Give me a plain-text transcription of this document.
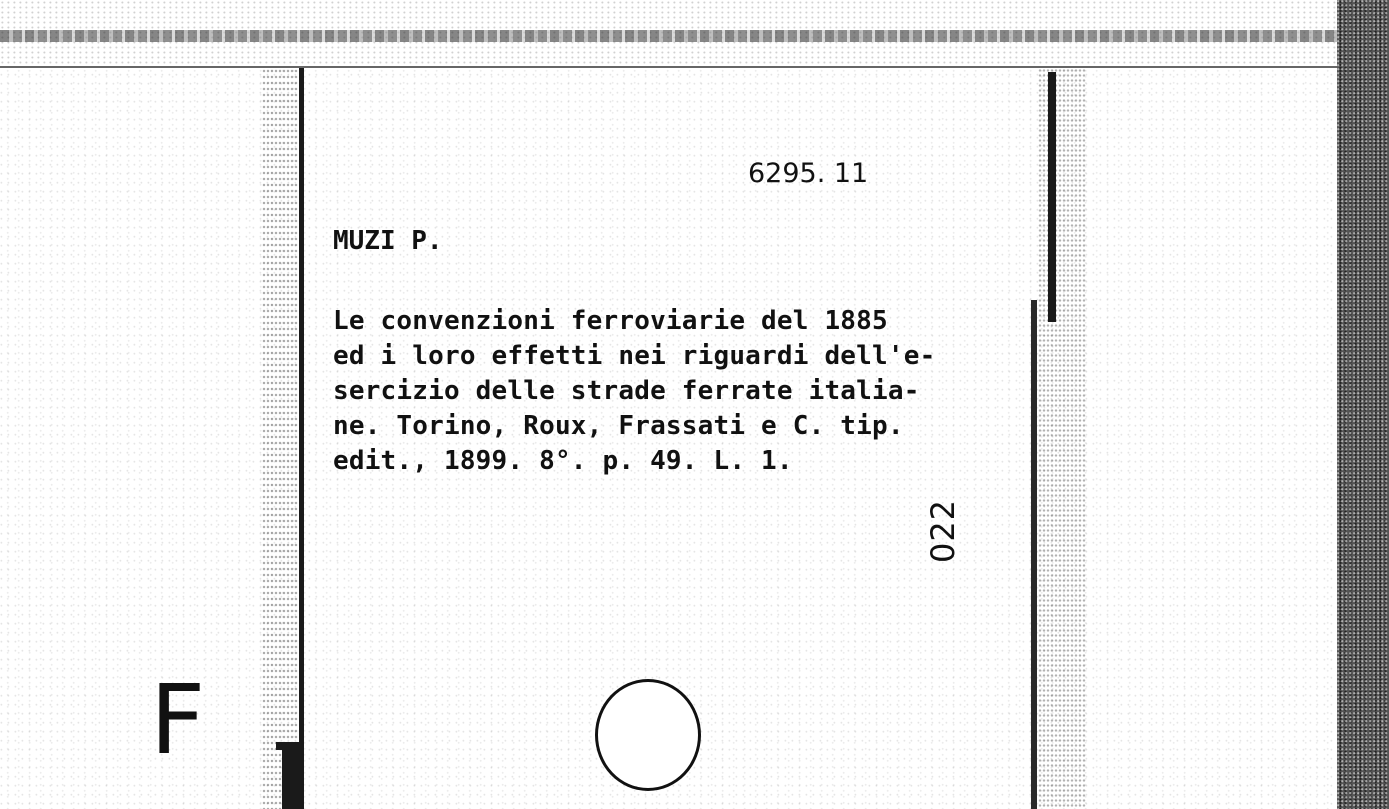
6295. 11
MUZI P.
Le convenzioni ferroviarie del 1885
ed i loro effetti nei riguardi dell'e-
sercizio delle strade ferrate italia-
ne. Torino, Roux, Frassati e C. tip.
edit., 1899. 8°. p. 49. L. 1.
022
F
